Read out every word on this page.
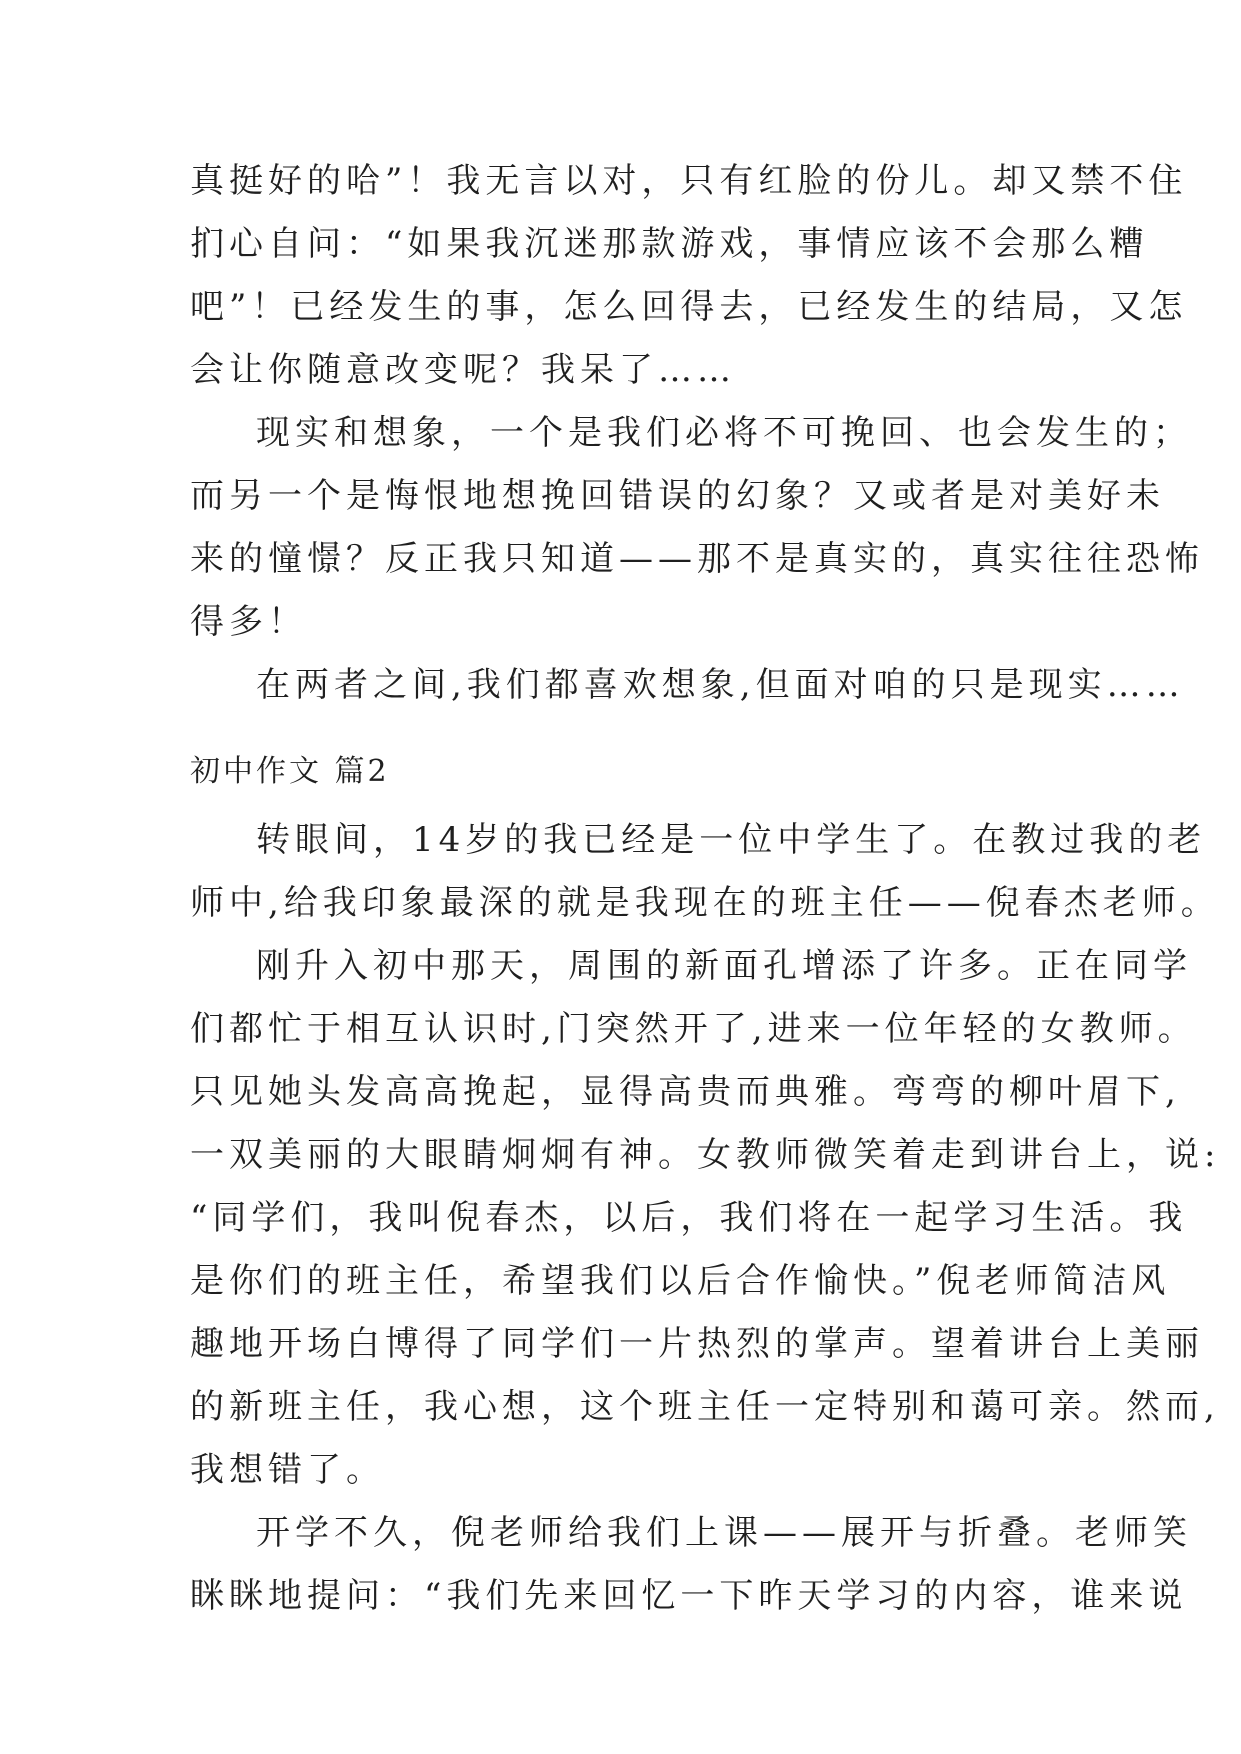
真挺好的哈”！我无言以对，只有红脸的份儿。却又禁不住
扪心自问：“如果我沉迷那款游戏，事情应该不会那么糟
吧”！已经发生的事，怎么回得去，已经发生的结局，又怎
会让你随意改变呢？我呆了……
现实和想象，一个是我们必将不可挽回、也会发生的；
而另一个是悔恨地想挽回错误的幻象？又或者是对美好未
来的憧憬？反正我只知道——那不是真实的，真实往往恐怖
得多！
在两者之间,我们都喜欢想象,但面对咱的只是现实……
初中作文 篇2
转眼间，14岁的我已经是一位中学生了。在教过我的老
师中,给我印象最深的就是我现在的班主任——倪春杰老师。
刚升入初中那天，周围的新面孔增添了许多。正在同学
们都忙于相互认识时,门突然开了,进来一位年轻的女教师。
只见她头发高高挽起，显得高贵而典雅。弯弯的柳叶眉下,
一双美丽的大眼睛炯炯有神。女教师微笑着走到讲台上，说:
“同学们，我叫倪春杰，以后，我们将在一起学习生活。我
是你们的班主任，希望我们以后合作愉快。”倪老师简洁风
趣地开场白博得了同学们一片热烈的掌声。望着讲台上美丽
的新班主任，我心想，这个班主任一定特别和蔼可亲。然而,
我想错了。
开学不久，倪老师给我们上课——展开与折叠。老师笑
眯眯地提问：“我们先来回忆一下昨天学习的内容，谁来说
